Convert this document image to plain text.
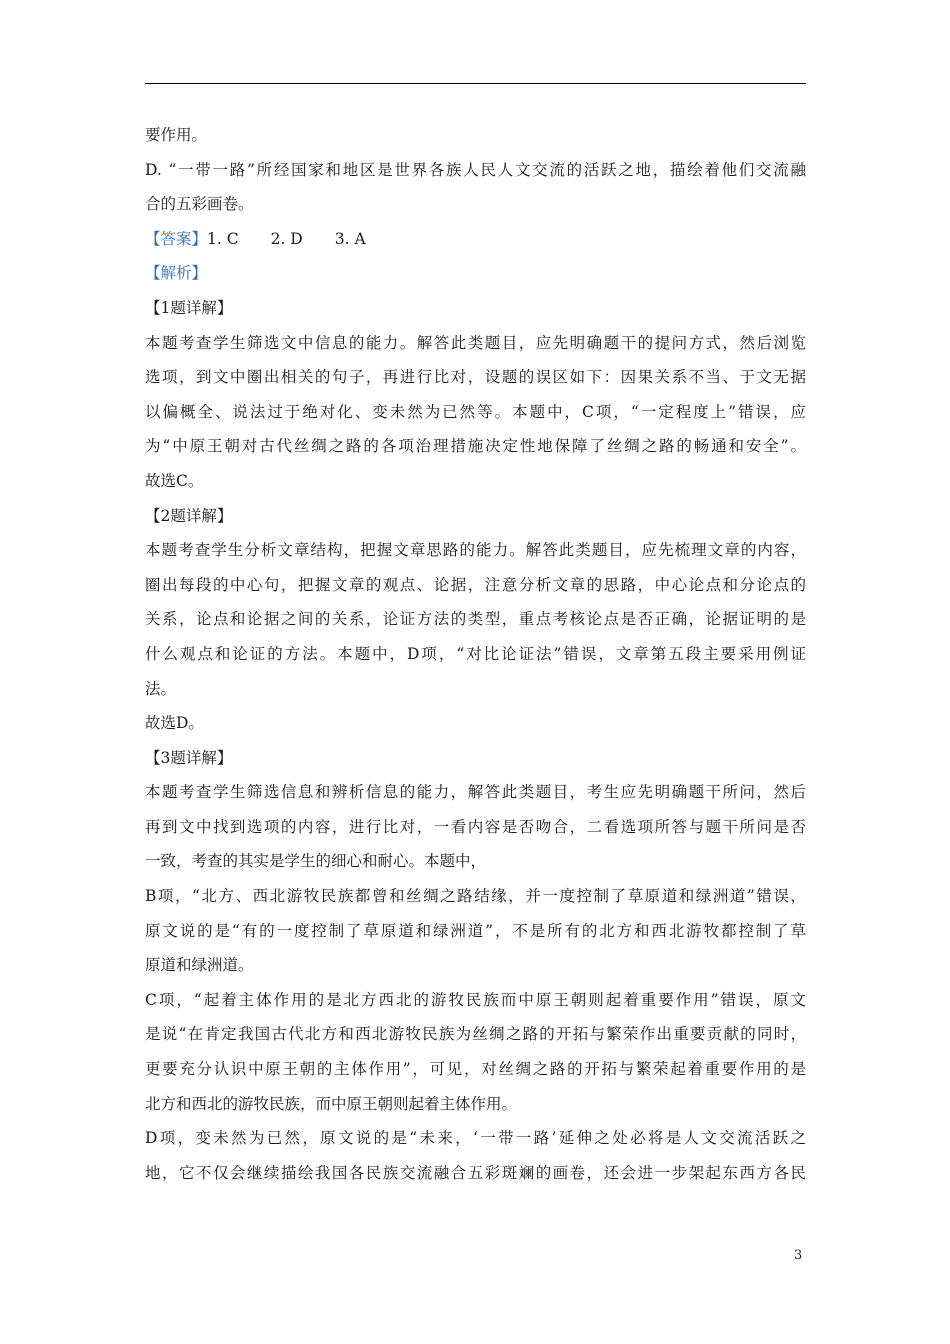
要作用。
D. “一带一路”所经国家和地区是世界各族人民人文交流的活跃之地，描绘着他们交流融
合的五彩画卷。
【答案】1. C 2. D 3. A
【解析】
【1题详解】
本题考查学生筛选文中信息的能力。解答此类题目，应先明确题干的提问方式，然后浏览
选项，到文中圈出相关的句子，再进行比对，设题的误区如下：因果关系不当、于文无据
以偏概全、说法过于绝对化、变未然为已然等。本题中，C项，“一定程度上”错误，应
为“中原王朝对古代丝绸之路的各项治理措施决定性地保障了丝绸之路的畅通和安全”。
故选C。
【2题详解】
本题考查学生分析文章结构，把握文章思路的能力。解答此类题目，应先梳理文章的内容，
圈出每段的中心句，把握文章的观点、论据，注意分析文章的思路，中心论点和分论点的
关系，论点和论据之间的关系，论证方法的类型，重点考核论点是否正确，论据证明的是
什么观点和论证的方法。本题中，D项，“对比论证法”错误，文章第五段主要采用例证
法。
故选D。
【3题详解】
本题考查学生筛选信息和辨析信息的能力，解答此类题目，考生应先明确题干所问，然后
再到文中找到选项的内容，进行比对，一看内容是否吻合，二看选项所答与题干所问是否
一致，考查的其实是学生的细心和耐心。本题中，
B项，“北方、西北游牧民族都曾和丝绸之路结缘，并一度控制了草原道和绿洲道”错误，
原文说的是“有的一度控制了草原道和绿洲道”，不是所有的北方和西北游牧都控制了草
原道和绿洲道。
C项，“起着主体作用的是北方西北的游牧民族而中原王朝则起着重要作用”错误，原文
是说“在肯定我国古代北方和西北游牧民族为丝绸之路的开拓与繁荣作出重要贡献的同时，
更要充分认识中原王朝的主体作用”，可见，对丝绸之路的开拓与繁荣起着重要作用的是
北方和西北的游牧民族，而中原王朝则起着主体作用。
D项，变未然为已然，原文说的是“未来，‘一带一路’延伸之处必将是人文交流活跃之
地，它不仅会继续描绘我国各民族交流融合五彩斑斓的画卷，还会进一步架起东西方各民
3
